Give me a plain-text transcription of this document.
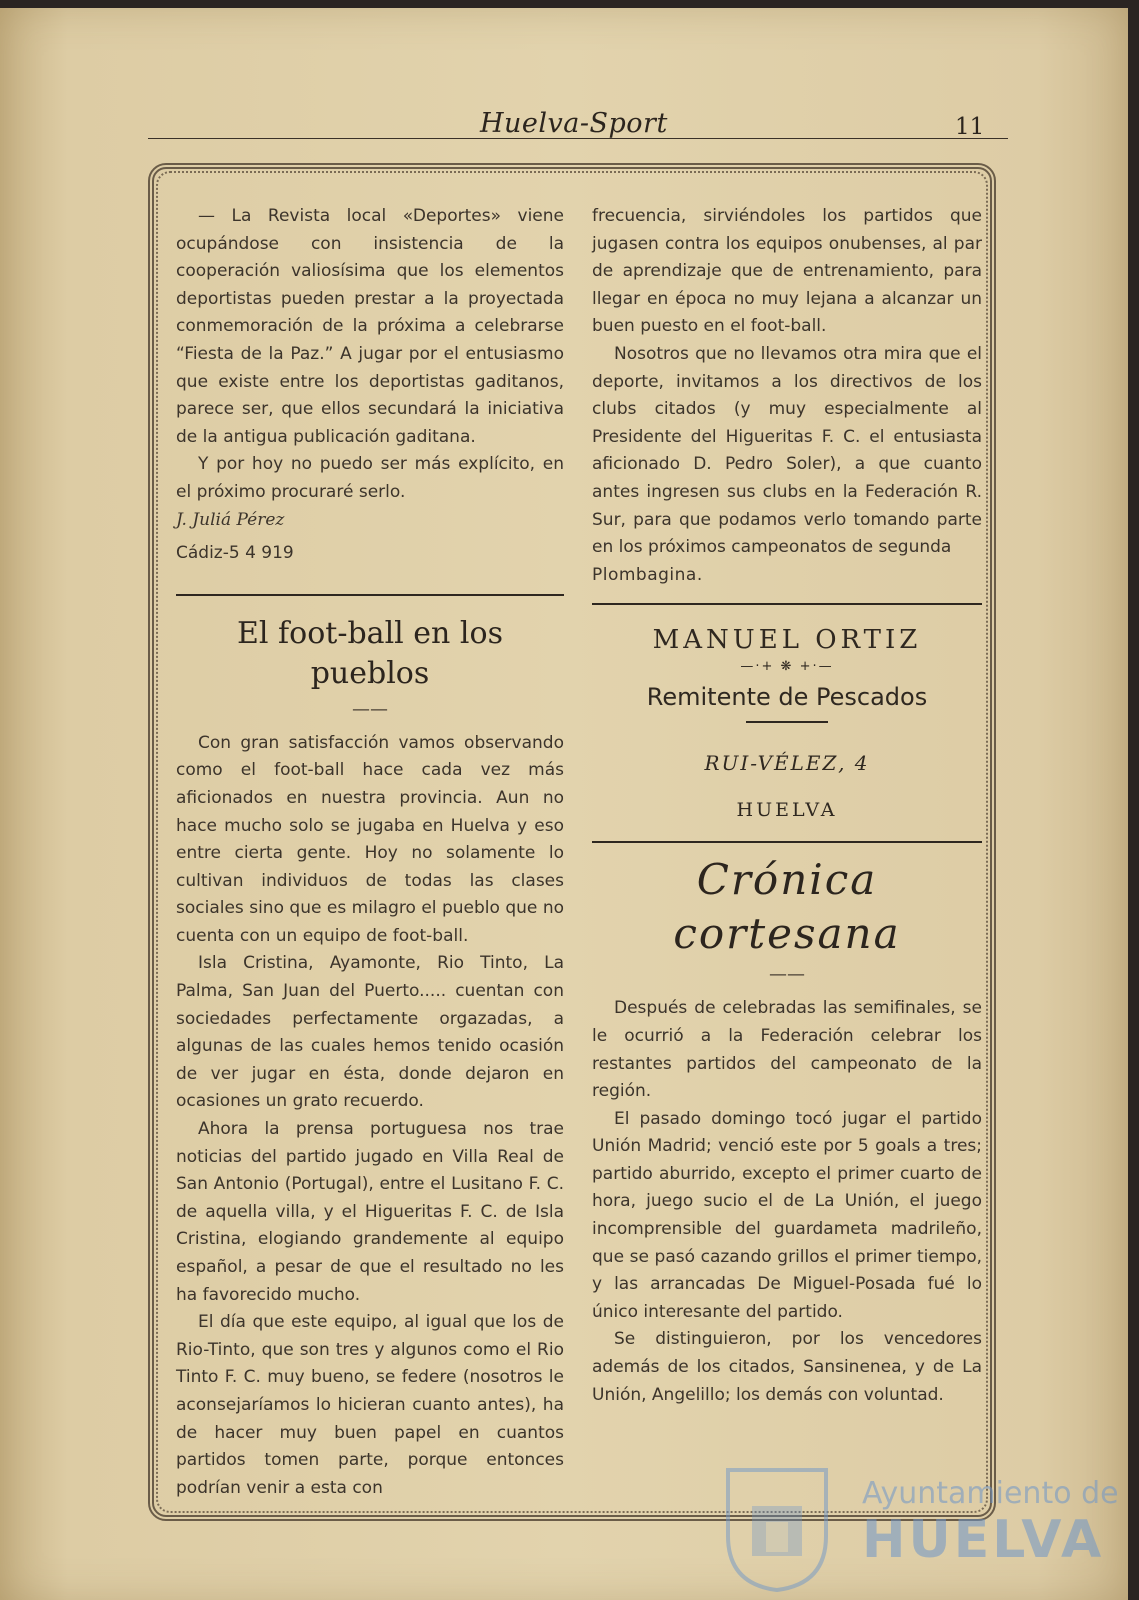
Huelva-Sport	11

— La Revista local «Deportes» viene ocupándose con insistencia de la cooperación valiosísima que los elementos deportistas pueden prestar a la proyectada conmemoración de la próxima a celebrarse “Fiesta de la Paz.” A jugar por el entusiasmo que existe entre los deportistas gaditanos, parece ser, que ellos secundará la iniciativa de la antigua publicación gaditana.

Y por hoy no puedo ser más explícito, en el próximo procuraré serlo.

J. Juliá Pérez

Cádiz-5 4 919

El foot-ball en los pueblos
——

Con gran satisfacción vamos observando como el foot-ball hace cada vez más aficionados en nuestra provincia. Aun no hace mucho solo se jugaba en Huelva y eso entre cierta gente. Hoy no solamente lo cultivan individuos de todas las clases sociales sino que es milagro el pueblo que no cuenta con un equipo de foot-ball.

Isla Cristina, Ayamonte, Rio Tinto, La Palma, San Juan del Puerto..... cuentan con sociedades perfectamente orgazadas, a algunas de las cuales hemos tenido ocasión de ver jugar en ésta, donde dejaron en ocasiones un grato recuerdo.

Ahora la prensa portuguesa nos trae noticias del partido jugado en Villa Real de San Antonio (Portugal), entre el Lusitano F. C. de aquella villa, y el Higueritas F. C. de Isla Cristina, elogiando grandemente al equipo español, a pesar de que el resultado no les ha favorecido mucho.

El día que este equipo, al igual que los de Rio-Tinto, que son tres y algunos como el Rio Tinto F. C. muy bueno, se federe (nosotros le aconsejaríamos lo hicieran cuanto antes), ha de hacer muy buen papel en cuantos partidos tomen parte, porque entonces podrían venir a esta con

frecuencia, sirviéndoles los partidos que jugasen contra los equipos onubenses, al par de aprendizaje que de entrenamiento, para llegar en época no muy lejana a alcanzar un buen puesto en el foot-ball.

Nosotros que no llevamos otra mira que el deporte, invitamos a los directivos de los clubs citados (y muy especialmente al Presidente del Higueritas F. C. el entusiasta aficionado D. Pedro Soler), a que cuanto antes ingresen sus clubs en la Federación R. Sur, para que podamos verlo tomando parte en los próximos campeonatos de segunda

Plombagina.

MANUEL ORTIZ
—·+ ❋ +·—
Remitente de Pescados
RUI-VÉLEZ, 4
HUELVA
Crónica cortesana
——

Después de celebradas las semifinales, se le ocurrió a la Federación celebrar los restantes partidos del campeonato de la región.

El pasado domingo tocó jugar el partido Unión Madrid; venció este por 5 goals a tres; partido aburrido, excepto el primer cuarto de hora, juego sucio el de La Unión, el juego incomprensible del guardameta madrileño, que se pasó cazando grillos el primer tiempo, y las arrancadas De Miguel-Posada fué lo único interesante del partido.

Se distinguieron, por los vencedores además de los citados, Sansinenea, y de La Unión, Angelillo; los demás con voluntad.

Ayuntamiento de
HUELVA
